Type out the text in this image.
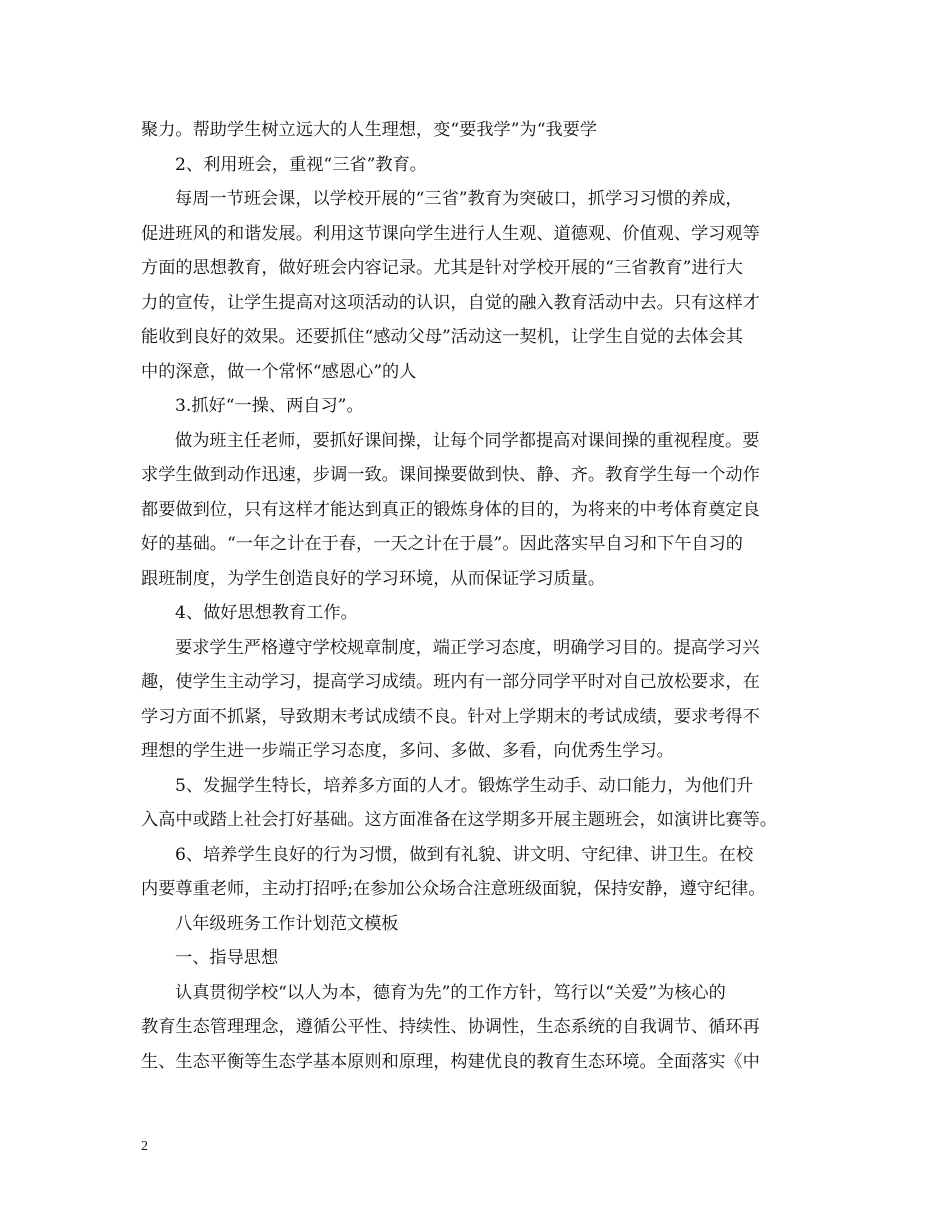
聚力。帮助学生树立远大的人生理想，变“要我学”为“我要学
2、利用班会，重视“三省”教育。
每周一节班会课，以学校开展的“三省”教育为突破口，抓学习习惯的养成，
促进班风的和谐发展。利用这节课向学生进行人生观、道德观、价值观、学习观等
方面的思想教育，做好班会内容记录。尤其是针对学校开展的“三省教育”进行大
力的宣传，让学生提高对这项活动的认识，自觉的融入教育活动中去。只有这样才
能收到良好的效果。还要抓住“感动父母”活动这一契机，让学生自觉的去体会其
中的深意，做一个常怀“感恩心”的人
3.抓好“一操、两自习”。
做为班主任老师，要抓好课间操，让每个同学都提高对课间操的重视程度。要
求学生做到动作迅速，步调一致。课间操要做到快、静、齐。教育学生每一个动作
都要做到位，只有这样才能达到真正的锻炼身体的目的，为将来的中考体育奠定良
好的基础。“一年之计在于春，一天之计在于晨”。因此落实早自习和下午自习的
跟班制度，为学生创造良好的学习环境，从而保证学习质量。
4、做好思想教育工作。
要求学生严格遵守学校规章制度，端正学习态度，明确学习目的。提高学习兴
趣，使学生主动学习，提高学习成绩。班内有一部分同学平时对自己放松要求，在
学习方面不抓紧，导致期末考试成绩不良。针对上学期末的考试成绩，要求考得不
理想的学生进一步端正学习态度，多问、多做、多看，向优秀生学习。
5、发掘学生特长，培养多方面的人才。锻炼学生动手、动口能力，为他们升
入高中或踏上社会打好基础。这方面准备在这学期多开展主题班会，如演讲比赛等。
6、培养学生良好的行为习惯，做到有礼貌、讲文明、守纪律、讲卫生。在校
内要尊重老师，主动打招呼;在参加公众场合注意班级面貌，保持安静，遵守纪律。
八年级班务工作计划范文模板
一、指导思想
认真贯彻学校“以人为本，德育为先”的工作方针，笃行以“关爱”为核心的
教育生态管理理念，遵循公平性、持续性、协调性，生态系统的自我调节、循环再
生、生态平衡等生态学基本原则和原理，构建优良的教育生态环境。全面落实《中
2
